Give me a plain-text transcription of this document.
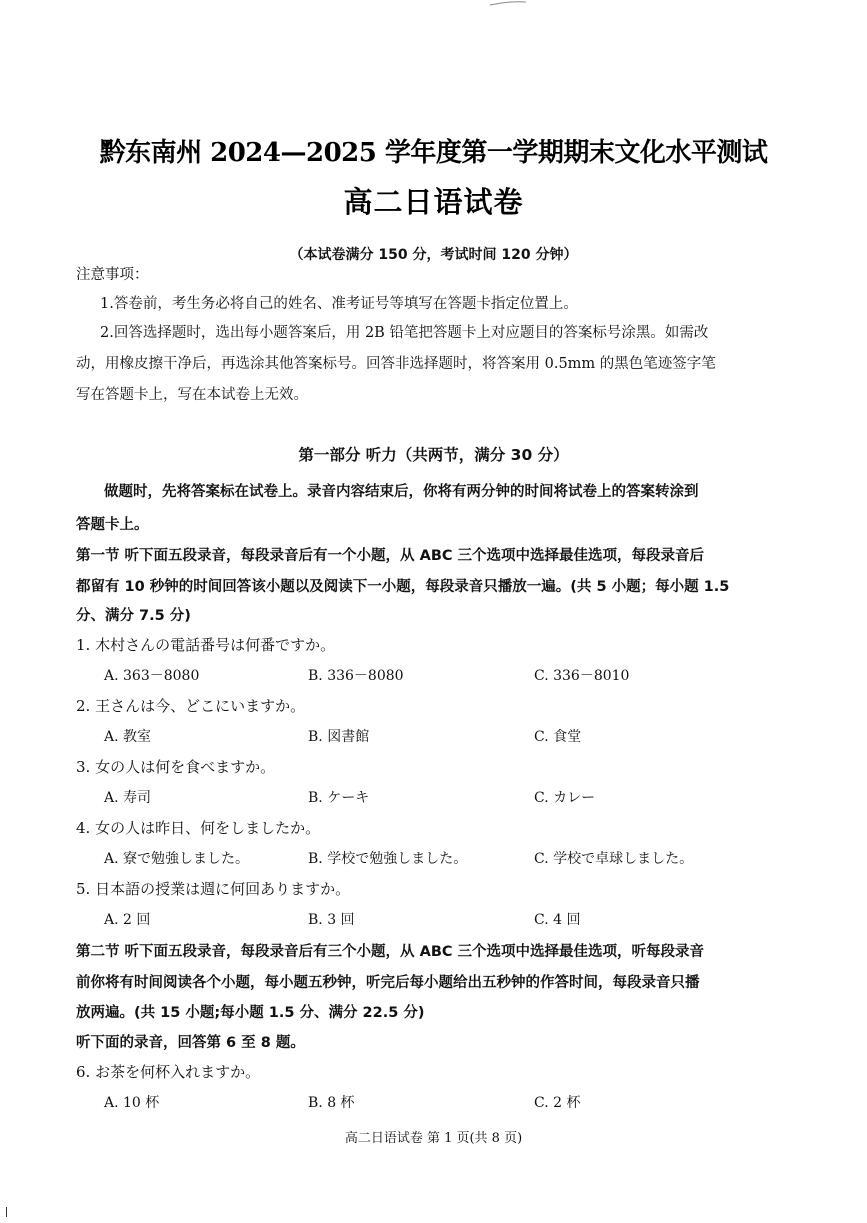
黔东南州 2024—2025 学年度第一学期期末文化水平测试
高二日语试卷
（本试卷满分 150 分，考试时间 120 分钟）
注意事项：
1.答卷前，考生务必将自己的姓名、准考证号等填写在答题卡指定位置上。
2.回答选择题时，选出每小题答案后，用 2B 铅笔把答题卡上对应题目的答案标号涂黑。如需改
动，用橡皮擦干净后，再选涂其他答案标号。回答非选择题时，将答案用 0.5mm 的黑色笔迹签字笔
写在答题卡上，写在本试卷上无效。
第一部分 听力（共两节，满分 30 分）
做题时，先将答案标在试卷上。录音内容结束后，你将有两分钟的时间将试卷上的答案转涂到
答题卡上。
第一节 听下面五段录音，每段录音后有一个小题，从 ABC 三个选项中选择最佳选项，每段录音后
都留有 10 秒钟的时间回答该小题以及阅读下一小题，每段录音只播放一遍。(共 5 小题；每小题 1.5
分、满分 7.5 分)
1. 木村さんの電話番号は何番ですか。
A. 363－8080	B. 336－8080	C. 336－8010
2. 王さんは今、どこにいますか。
A. 教室	B. 図書館	C. 食堂
3. 女の人は何を食べますか。
A. 寿司	B. ケーキ	C. カレー
4. 女の人は昨日、何をしましたか。
A. 寮で勉強しました。	B. 学校で勉強しました。	C. 学校で卓球しました。
5. 日本語の授業は週に何回ありますか。
A. 2 回	B. 3 回	C. 4 回
第二节 听下面五段录音，每段录音后有三个小题，从 ABC 三个选项中选择最佳选项，听每段录音
前你将有时间阅读各个小题，每小题五秒钟，听完后每小题给出五秒钟的作答时间，每段录音只播
放两遍。(共 15 小题;每小题 1.5 分、满分 22.5 分)
听下面的录音，回答第 6 至 8 题。
6. お茶を何杯入れますか。
A. 10 杯	B. 8 杯	C. 2 杯
高二日语试卷 第 1 页(共 8 页)
